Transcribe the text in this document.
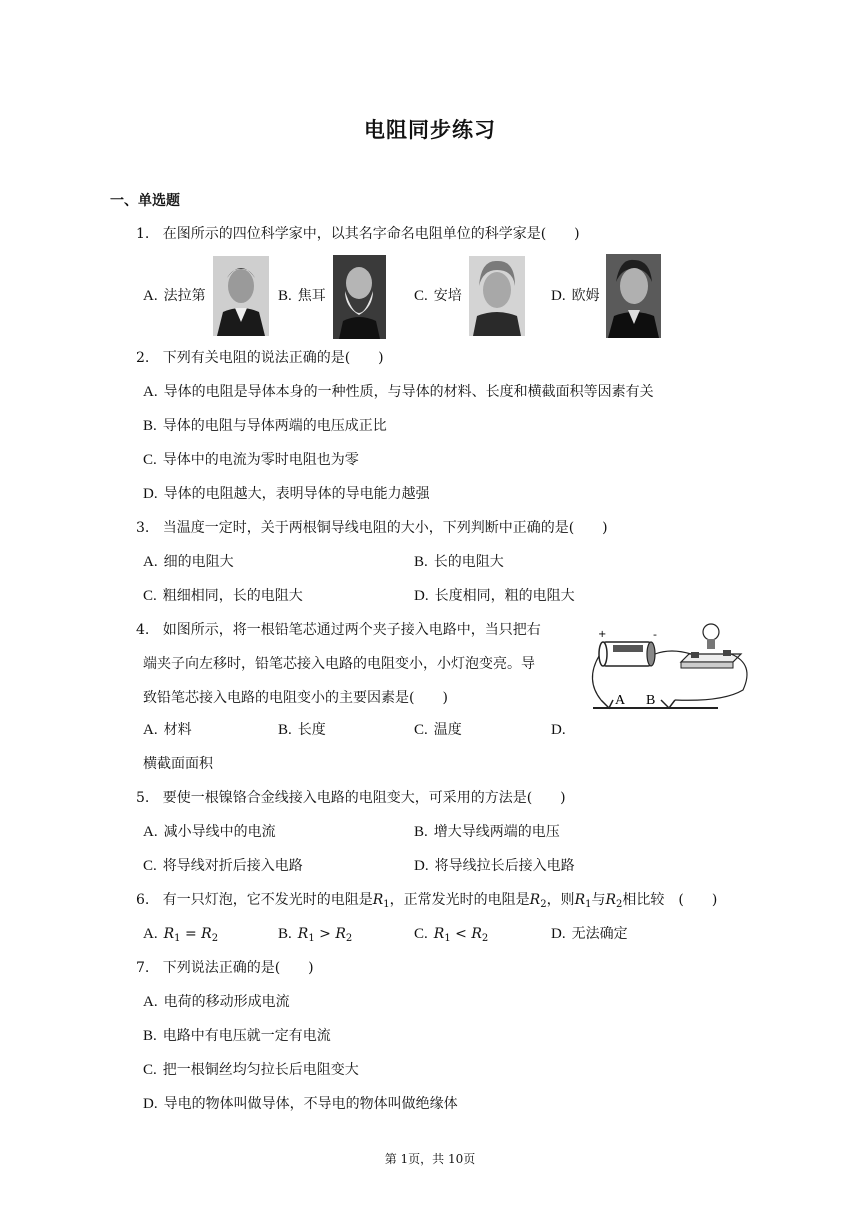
电阻同步练习
一、单选题
1. 在图所示的四位科学家中，以其名字命名电阻单位的科学家是(　　)
A. 法拉第	B. 焦耳	C. 安培	D. 欧姆
2. 下列有关电阻的说法正确的是(　　)
A. 导体的电阻是导体本身的一种性质，与导体的材料、长度和横截面积等因素有关
B. 导体的电阻与导体两端的电压成正比
C. 导体中的电流为零时电阻也为零
D. 导体的电阻越大，表明导体的导电能力越强
3. 当温度一定时，关于两根铜导线电阻的大小，下列判断中正确的是(　　)
A. 细的电阻大	B. 长的电阻大
C. 粗细相同，长的电阻大	D. 长度相同，粗的电阻大
4. 如图所示，将一根铅笔芯通过两个夹子接入电路中，当只把右
端夹子向左移时，铅笔芯接入电路的电阻变小，小灯泡变亮。导
致铅笔芯接入电路的电阻变小的主要因素是(　　)
+	-
A B
A. 材料	B. 长度	C. 温度	D.
横截面面积
5. 要使一根镍铬合金线接入电路的电阻变大，可采用的方法是(　　)
A. 减小导线中的电流	B. 增大导线两端的电压
C. 将导线对折后接入电路	D. 将导线拉长后接入电路
6. 有一只灯泡，它不发光时的电阻是$R_1$，正常发光时的电阻是$R_2$，则$R_1$与$R_2$相比较　(　　)
A. $R_1 = R_2$	B. $R_1 > R_2$	C. $R_1 < R_2$	D. 无法确定
7. 下列说法正确的是(　　)
A. 电荷的移动形成电流
B. 电路中有电压就一定有电流
C. 把一根铜丝均匀拉长后电阻变大
D. 导电的物体叫做导体，不导电的物体叫做绝缘体
第 1页，共 10页
